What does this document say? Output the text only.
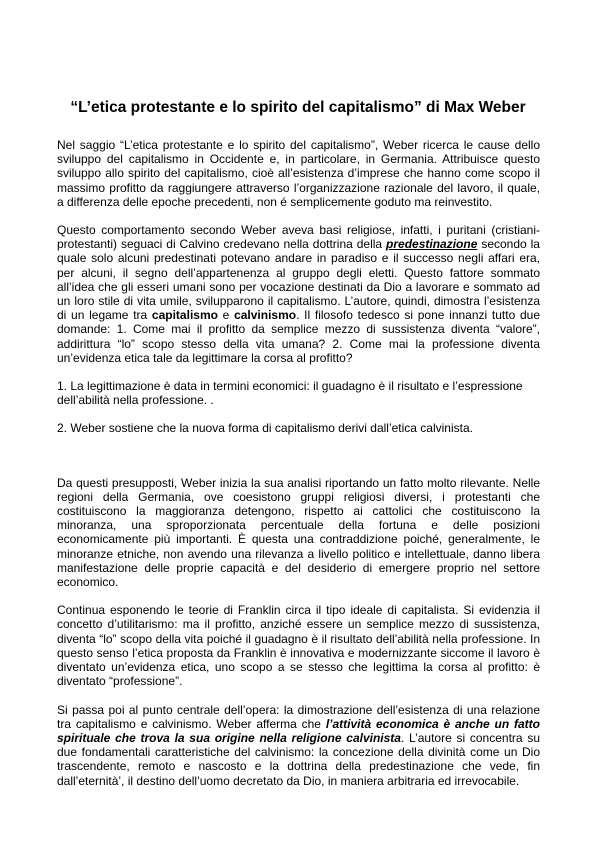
“L’etica protestante e lo spirito del capitalismo” di Max Weber

Nel saggio “L’etica protestante e lo spirito del capitalismo”, Weber ricerca le cause dello sviluppo del capitalismo in Occidente e, in particolare, in Germania. Attribuisce questo sviluppo allo spirito del capitalismo, cioè all’esistenza d’imprese che hanno come scopo il massimo profitto da raggiungere attraverso l’organizzazione razionale del lavoro, il quale, a differenza delle epoche precedenti, non é semplicemente goduto ma reinvestito.

Questo comportamento secondo Weber aveva basi religiose, infatti, i puritani (cristiani-protestanti) seguaci di Calvino credevano nella dottrina della predestinazione secondo la quale solo alcuni predestinati potevano andare in paradiso e il successo negli affari era, per alcuni, il segno dell’appartenenza al gruppo degli eletti. Questo fattore sommato all’idea che gli esseri umani sono per vocazione destinati da Dio a lavorare e sommato ad un loro stile di vita umile, svilupparono il capitalismo. L’autore, quindi, dimostra l’esistenza di un legame tra capitalismo e calvinismo. Il filosofo tedesco si pone innanzi tutto due domande: 1. Come mai il profitto da semplice mezzo di sussistenza diventa “valore”, addirittura “lo” scopo stesso della vita umana? 2. Come mai la professione diventa un’evidenza etica tale da legittimare la corsa al profitto?

1. La legittimazione è data in termini economici: il guadagno è il risultato e l’espressione dell’abilità nella professione. .

2. Weber sostiene che la nuova forma di capitalismo derivi dall’etica calvinista.

Da questi presupposti, Weber inizia la sua analisi riportando un fatto molto rilevante. Nelle regioni della Germania, ove coesistono gruppi religiosi diversi, i protestanti che costituiscono la maggioranza detengono, rispetto ai cattolici che costituiscono la minoranza, una sproporzionata percentuale della fortuna e delle posizioni economicamente più importanti. È questa una contraddizione poiché, generalmente, le minoranze etniche, non avendo una rilevanza a livello politico e intellettuale, danno libera manifestazione delle proprie capacità e del desiderio di emergere proprio nel settore economico.

Continua esponendo le teorie di Franklin circa il tipo ideale di capitalista. Si evidenzia il concetto d’utilitarismo: ma il profitto, anziché essere un semplice mezzo di sussistenza, diventa “lo” scopo della vita poiché il guadagno è il risultato dell’abilità nella professione. In questo senso l’etica proposta da Franklin è innovativa e modernizzante siccome il lavoro è diventato un’evidenza etica, uno scopo a se stesso che legittima la corsa al profitto: è diventato “professione”.

Si passa poi al punto centrale dell’opera: la dimostrazione dell’esistenza di una relazione tra capitalismo e calvinismo. Weber afferma che l’attività economica è anche un fatto spirituale che trova la sua origine nella religione calvinista. L’autore si concentra su due fondamentali caratteristiche del calvinismo: la concezione della divinità come un Dio trascendente, remoto e nascosto e la dottrina della predestinazione che vede, fin dall’eternità’, il destino dell’uomo decretato da Dio, in maniera arbitraria ed irrevocabile.
